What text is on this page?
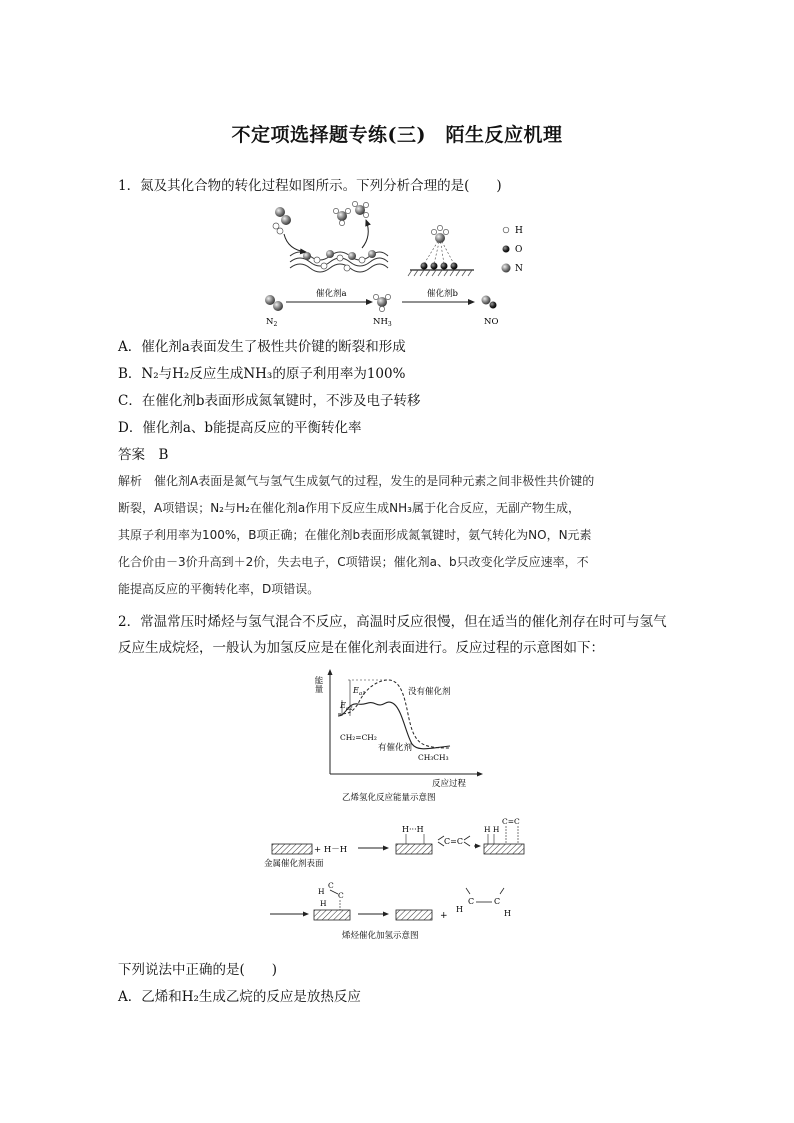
不定项选择题专练(三)　陌生反应机理
1．氮及其化合物的转化过程如图所示。下列分析合理的是(　　)
H
O
N
催化剂a	催化剂b
$N_2$	$NH_3$	NO
A．催化剂a表面发生了极性共价键的断裂和形成
B．N₂与H₂反应生成NH₃的原子利用率为100%
C．在催化剂b表面形成氮氧键时，不涉及电子转移
D．催化剂a、b能提高反应的平衡转化率
答案　B
解析　催化剂A表面是氮气与氢气生成氨气的过程，发生的是同种元素之间非极性共价键的
断裂，A项错误；N₂与H₂在催化剂a作用下反应生成NH₃属于化合反应，无副产物生成，
其原子利用率为100%，B项正确；在催化剂b表面形成氮氧键时，氨气转化为NO，N元素
化合价由－3价升高到＋2价，失去电子，C项错误；催化剂a、b只改变化学反应速率，不
能提高反应的平衡转化率，D项错误。
2．常温常压时烯烃与氢气混合不反应，高温时反应很慢，但在适当的催化剂存在时可与氢气
反应生成烷烃，一般认为加氢反应是在催化剂表面进行。反应过程的示意图如下：
能量
反应过程
$E_{a1}$
$E_{a2}$
没有催化剂
有催化剂
CH₂=CH₂
CH₃CH₃
乙烯氢化反应能量示意图
+ H－H
金属催化剂表面
H···H
C=C
H H
C=C
H
C
C
H
+
H
C C
H
烯烃催化加氢示意图
下列说法中正确的是(　　)
A．乙烯和H₂生成乙烷的反应是放热反应
